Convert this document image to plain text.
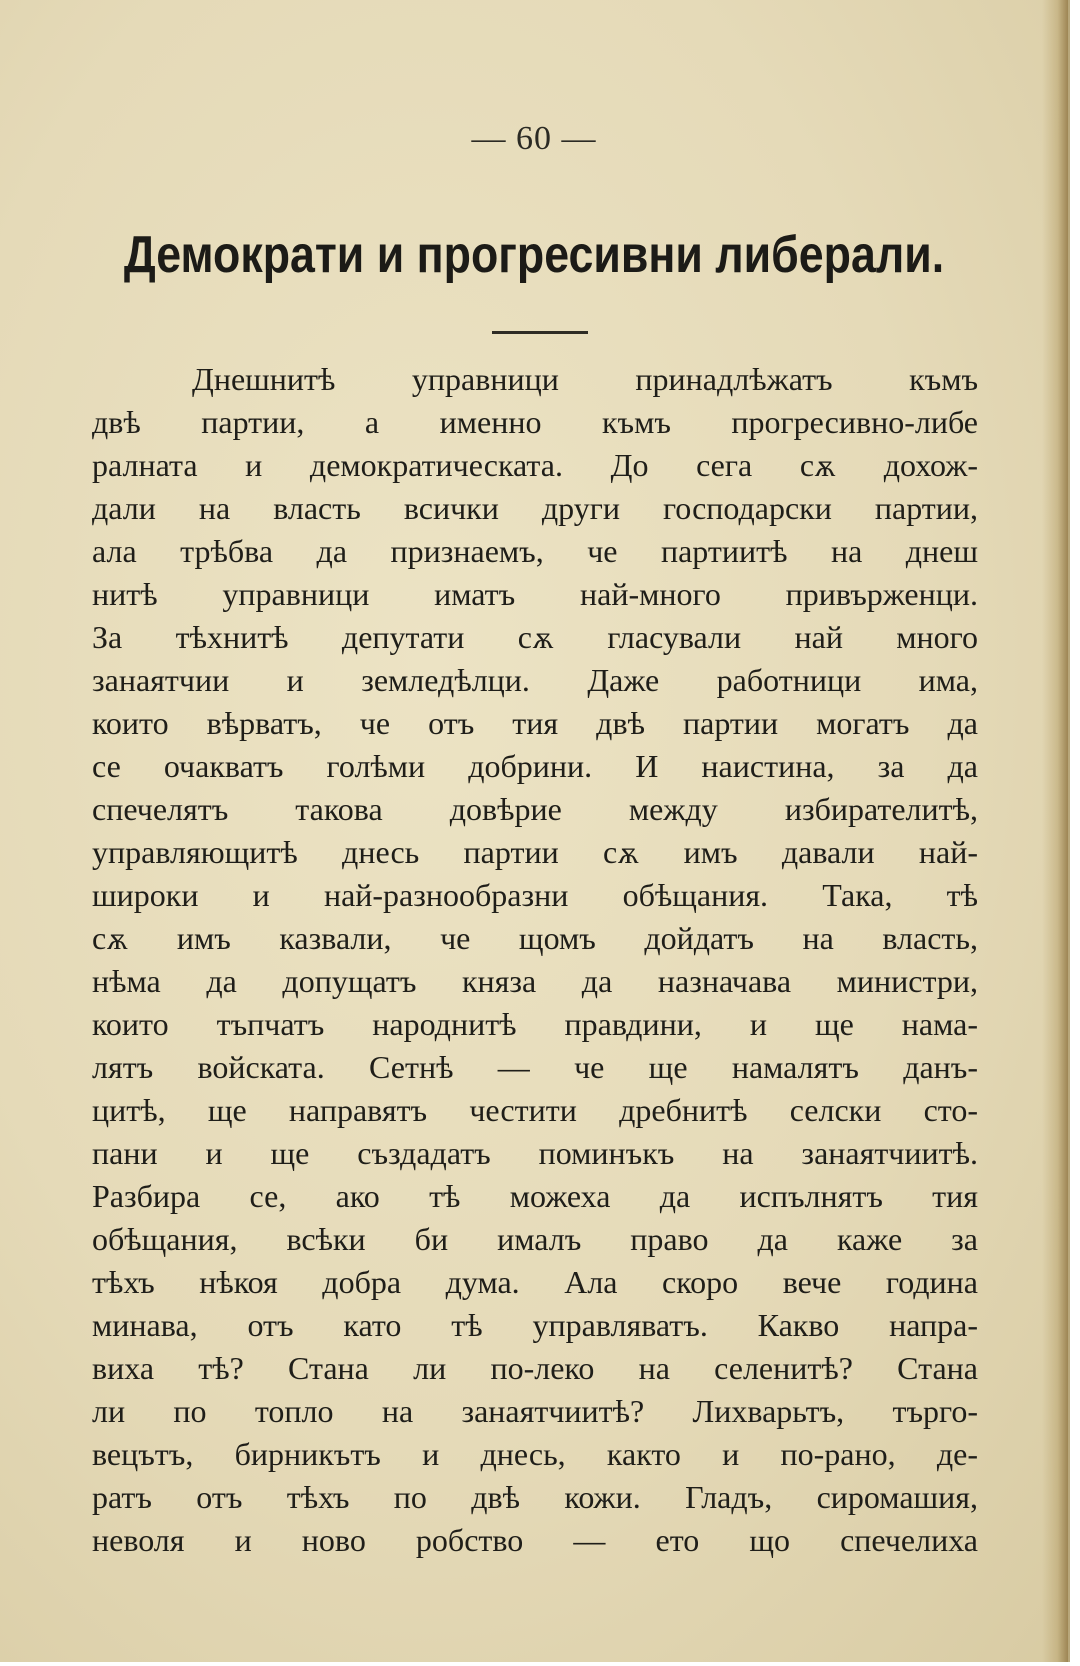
— 60 —
Демократи и прогресивни либерали.
Днешнитѣ управници принадлѣжатъ къмъ
двѣ партии, а именно къмъ прогресивно-либе
ралната и демократическата. До сега сѫ дохож-
дали на власть всички други господарски партии,
ала трѣбва да признаемъ, че партиитѣ на днеш
нитѣ управници иматъ най-много привърженци.
За тѣхнитѣ депутати сѫ гласували най много
занаятчии и земледѣлци. Даже работници има,
които вѣрватъ, че отъ тия двѣ партии могатъ да
се очакватъ голѣми добрини. И наистина, за да
спечелятъ такова довѣрие между избирателитѣ,
управляющитѣ днесь партии сѫ имъ давали най-
широки и най-разнообразни обѣщания. Така, тѣ
сѫ имъ казвали, че щомъ дойдатъ на власть,
нѣма да допущатъ княза да назначава министри,
които тъпчатъ народнитѣ правдини, и ще нама-
лятъ войската. Сетнѣ — че ще намалятъ данъ-
цитѣ, ще направятъ честити дребнитѣ селски сто-
пани и ще създадатъ поминъкъ на занаятчиитѣ.
Разбира се, ако тѣ можеха да испълнятъ тия
обѣщания, всѣки би ималъ право да каже за
тѣхъ нѣкоя добра дума. Ала скоро вече година
минава, отъ като тѣ управляватъ. Какво напра-
виха тѣ? Стана ли по-леко на селенитѣ? Стана
ли по топло на занаятчиитѣ? Лихварьтъ, търго-
вецътъ, бирникътъ и днесь, както и по-рано, де-
ратъ отъ тѣхъ по двѣ кожи. Гладъ, сиромашия,
неволя и ново робство — ето що спечелиха
